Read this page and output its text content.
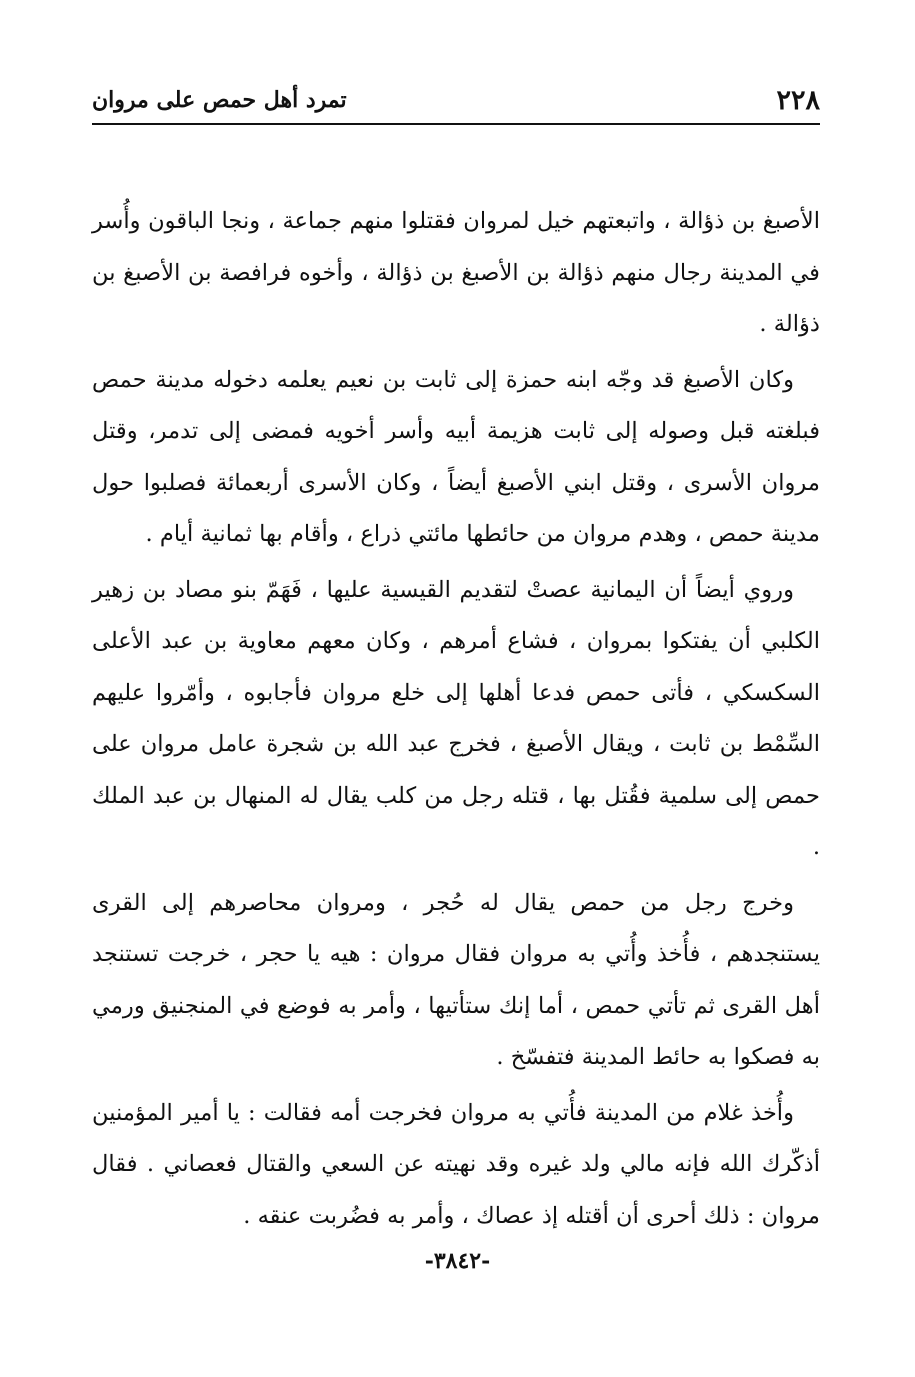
٢٢٨
تمرد أهل حمص على مروان

الأصبغ بن ذؤالة ، واتبعتهم خيل لمروان فقتلوا منهم جماعة ، ونجا الباقون وأُسر في المدينة رجال منهم ذؤالة بن الأصبغ بن ذؤالة ، وأخوه فرافصة بن الأصبغ بن ذؤالة .

وكان الأصبغ قد وجّه ابنه حمزة إلى ثابت بن نعيم يعلمه دخوله مدينة حمص فبلغته قبل وصوله إلى ثابت هزيمة أبيه وأسر أخويه فمضى إلى تدمر، وقتل مروان الأسرى ، وقتل ابني الأصبغ أيضاً ، وكان الأسرى أربعمائة فصلبوا حول مدينة حمص ، وهدم مروان من حائطها مائتي ذراع ، وأقام بها ثمانية أيام .

وروي أيضاً أن اليمانية عصتْ لتقديم القيسية عليها ، فَهَمّ بنو مصاد بن زهير الكلبي أن يفتكوا بمروان ، فشاع أمرهم ، وكان معهم معاوية بن عبد الأعلى السكسكي ، فأتى حمص فدعا أهلها إلى خلع مروان فأجابوه ، وأمّروا عليهم السِّمْط بن ثابت ، ويقال الأصبغ ، فخرج عبد الله بن شجرة عامل مروان على حمص إلى سلمية فقُتل بها ، قتله رجل من كلب يقال له المنهال بن عبد الملك .

وخرج رجل من حمص يقال له حُجر ، ومروان محاصرهم إلى القرى يستنجدهم ، فأُخذ وأُتي به مروان فقال مروان : هيه يا حجر ، خرجت تستنجد أهل القرى ثم تأتي حمص ، أما إنك ستأتيها ، وأمر به فوضع في المنجنيق ورمي به فصكوا به حائط المدينة فتفسّخ .

وأُخذ غلام من المدينة فأُتي به مروان فخرجت أمه فقالت : يا أمير المؤمنين أذكّرك الله فإنه مالي ولد غيره وقد نهيته عن السعي والقتال فعصاني . فقال مروان : ذلك أحرى أن أقتله إذ عصاك ، وأمر به فضُربت عنقه .

-٣٨٤٢-
